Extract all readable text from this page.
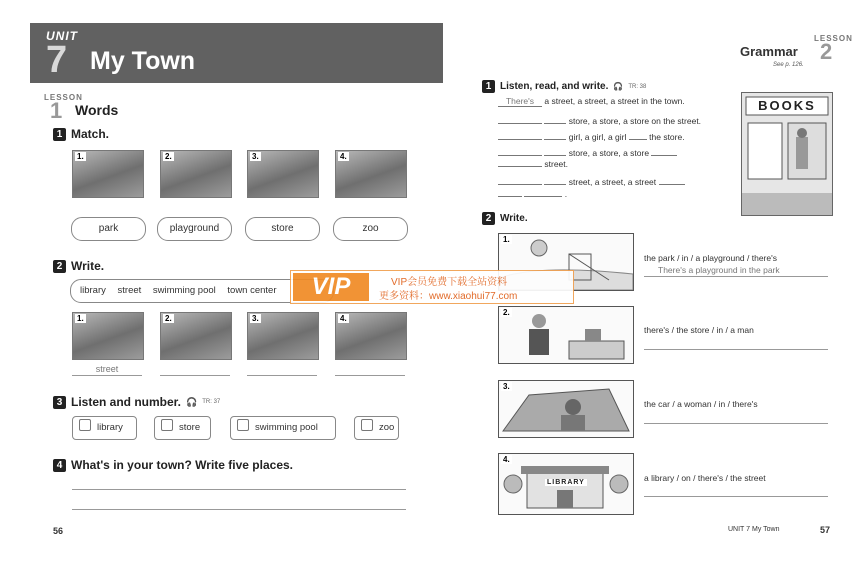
UNIT
7 My Town
LESSON
1 Words
1 Match.
1.	2.	3.	4.
park	playground	store	zoo
2 Write.
library street swimming pool town center
1.	2.	3.	4.
street
3 Listen and number. 🎧 TR: 37
library	store	swimming pool	zoo
4 What's in your town? Write five places.
56
Grammar
LESSON
2
See p. 126.
1 Listen, read, and write. 🎧 TR: 38
There's a street, a street, a street in the town.
store, a store, a store on the street.
girl, a girl, a girl	the store.
store, a store, a store
street.
street, a street, a street
.
BOOKS
2 Write.
1.
the park / in / a playground / there's
There's a playground in the park
2.
there's / the store / in / a man
3.
the car / a woman / in / there's
4.
LIBRARY	a library / on / there's / the street
UNIT 7 My Town	57
VIP	VIP会员免费下载全站资料
更多资料：www.xiaohui77.com
